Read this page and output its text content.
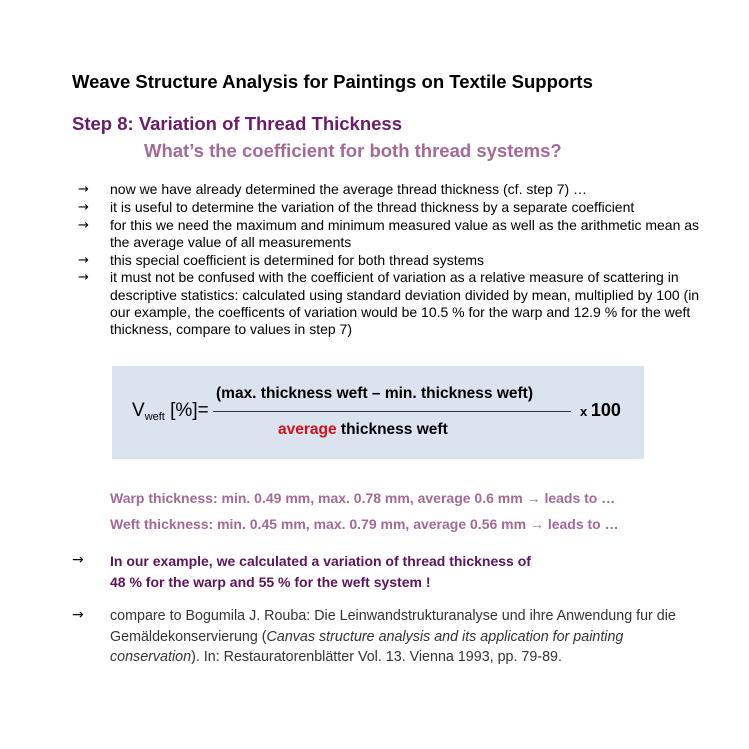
Weave Structure Analysis for Paintings on Textile Supports
Step 8: Variation of Thread Thickness
What’s the coefficient for both thread systems?
→ now we have already determined the average thread thickness (cf. step 7) …
→ it is useful to determine the variation of the thread thickness by a separate coefficient
→ for this we need the maximum and minimum measured value as well as the arithmetic mean as the average value of all measurements
→ this special coefficient is determined for both thread systems
→ it must not be confused with the coefficient of variation as a relative measure of scattering in descriptive statistics: calculated using standard deviation divided by mean, multiplied by 100 (in our example, the coefficents of variation would be 10.5 % for the warp and 12.9 % for the weft thickness, compare to values in step 7)
$V_{weft}$ [%]=
(max. thickness weft – min. thickness weft)
average thickness weft
x 100
Warp thickness: min. 0.49 mm, max. 0.78 mm, average 0.6 mm → leads to …
Weft thickness: min. 0.45 mm, max. 0.79 mm, average 0.56 mm → leads to …
→ In our example, we calculated a variation of thread thickness of
48 % for the warp and 55 % for the weft system !
→ compare to Bogumila J. Rouba: Die Leinwandstrukturanalyse und ihre Anwendung fur die Gemäldekonservierung (Canvas structure analysis and its application for painting conservation). In: Restauratorenblätter Vol. 13. Vienna 1993, pp. 79-89.
